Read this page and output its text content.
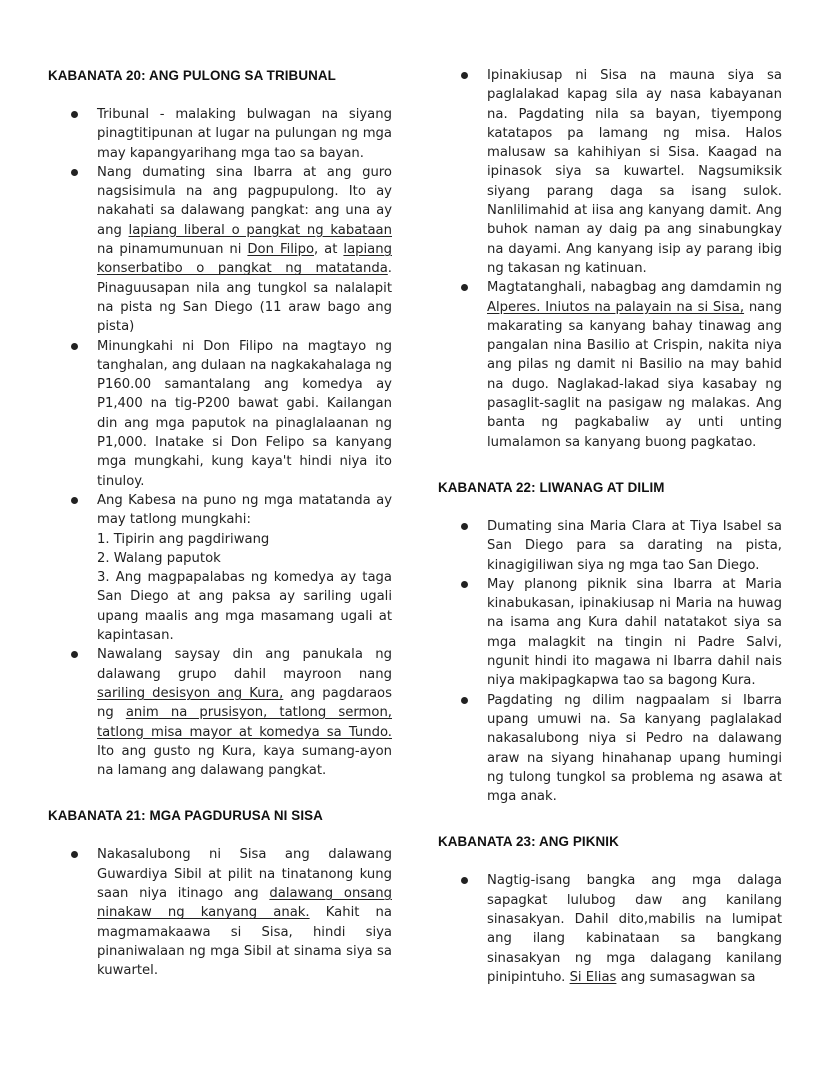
KABANATA 20: ANG PULONG SA TRIBUNAL
Tribunal - malaking bulwagan na siyang pinagtitipunan at lugar na pulungan ng mga may kapangyarihang mga tao sa bayan.
Nang dumating sina Ibarra at ang guro nagsisimula na ang pagpupulong. Ito ay nakahati sa dalawang pangkat: ang una ay ang lapiang liberal o pangkat ng kabataan na pinamumunuan ni Don Filipo, at lapiang konserbatibo o pangkat ng matatanda. Pinaguusapan nila ang tungkol sa nalalapit na pista ng San Diego (11 araw bago ang pista)
Minungkahi ni Don Filipo na magtayo ng tanghalan, ang dulaan na nagkakahalaga ng P160.00 samantalang ang komedya ay P1,400 na tig-P200 bawat gabi. Kailangan din ang mga paputok na pinaglalaanan ng P1,000. Inatake si Don Felipo sa kanyang mga mungkahi, kung kaya't hindi niya ito tinuloy.
Ang Kabesa na puno ng mga matatanda ay may tatlong mungkahi:
1. Tipirin ang pagdiriwang
2. Walang paputok
3. Ang magpapalabas ng komedya ay taga San Diego at ang paksa ay sariling ugali upang maalis ang mga masamang ugali at kapintasan.
Nawalang saysay din ang panukala ng dalawang grupo dahil mayroon nang sariling desisyon ang Kura, ang pagdaraos ng anim na prusisyon, tatlong sermon, tatlong misa mayor at komedya sa Tundo. Ito ang gusto ng Kura, kaya sumang-ayon na lamang ang dalawang pangkat.
KABANATA 21: MGA PAGDURUSA NI SISA
Nakasalubong ni Sisa ang dalawang Guwardiya Sibil at pilit na tinatanong kung saan niya itinago ang dalawang onsang ninakaw ng kanyang anak. Kahit na magmamakaawa si Sisa, hindi siya pinaniwalaan ng mga Sibil at sinama siya sa kuwartel.
Ipinakiusap ni Sisa na mauna siya sa paglalakad kapag sila ay nasa kabayanan na. Pagdating nila sa bayan, tiyempong katatapos pa lamang ng misa. Halos malusaw sa kahihiyan si Sisa. Kaagad na ipinasok siya sa kuwartel. Nagsumiksik siyang parang daga sa isang sulok. Nanlilimahid at iisa ang kanyang damit. Ang buhok naman ay daig pa ang sinabungkay na dayami. Ang kanyang isip ay parang ibig ng takasan ng katinuan.
Magtatanghali, nabagbag ang damdamin ng Alperes. Iniutos na palayain na si Sisa, nang makarating sa kanyang bahay tinawag ang pangalan nina Basilio at Crispin, nakita niya ang pilas ng damit ni Basilio na may bahid na dugo. Naglakad-lakad siya kasabay ng pasaglit-saglit na pasigaw ng malakas. Ang banta ng pagkabaliw ay unti unting lumalamon sa kanyang buong pagkatao.
KABANATA 22: LIWANAG AT DILIM
Dumating sina Maria Clara at Tiya Isabel sa San Diego para sa darating na pista, kinagigiliwan siya ng mga tao San Diego.
May planong piknik sina Ibarra at Maria kinabukasan, ipinakiusap ni Maria na huwag na isama ang Kura dahil natatakot siya sa mga malagkit na tingin ni Padre Salvi, ngunit hindi ito magawa ni Ibarra dahil nais niya makipagkapwa tao sa bagong Kura.
Pagdating ng dilim nagpaalam si Ibarra upang umuwi na. Sa kanyang paglalakad nakasalubong niya si Pedro na dalawang araw na siyang hinahanap upang humingi ng tulong tungkol sa problema ng asawa at mga anak.
KABANATA 23: ANG PIKNIK
Nagtig-isang bangka ang mga dalaga sapagkat lulubog daw ang kanilang sinasakyan. Dahil dito,mabilis na lumipat ang ilang kabinataan sa bangkang sinasakyan ng mga dalagang kanilang pinipintuho. Si Elias ang sumasagwan sa
